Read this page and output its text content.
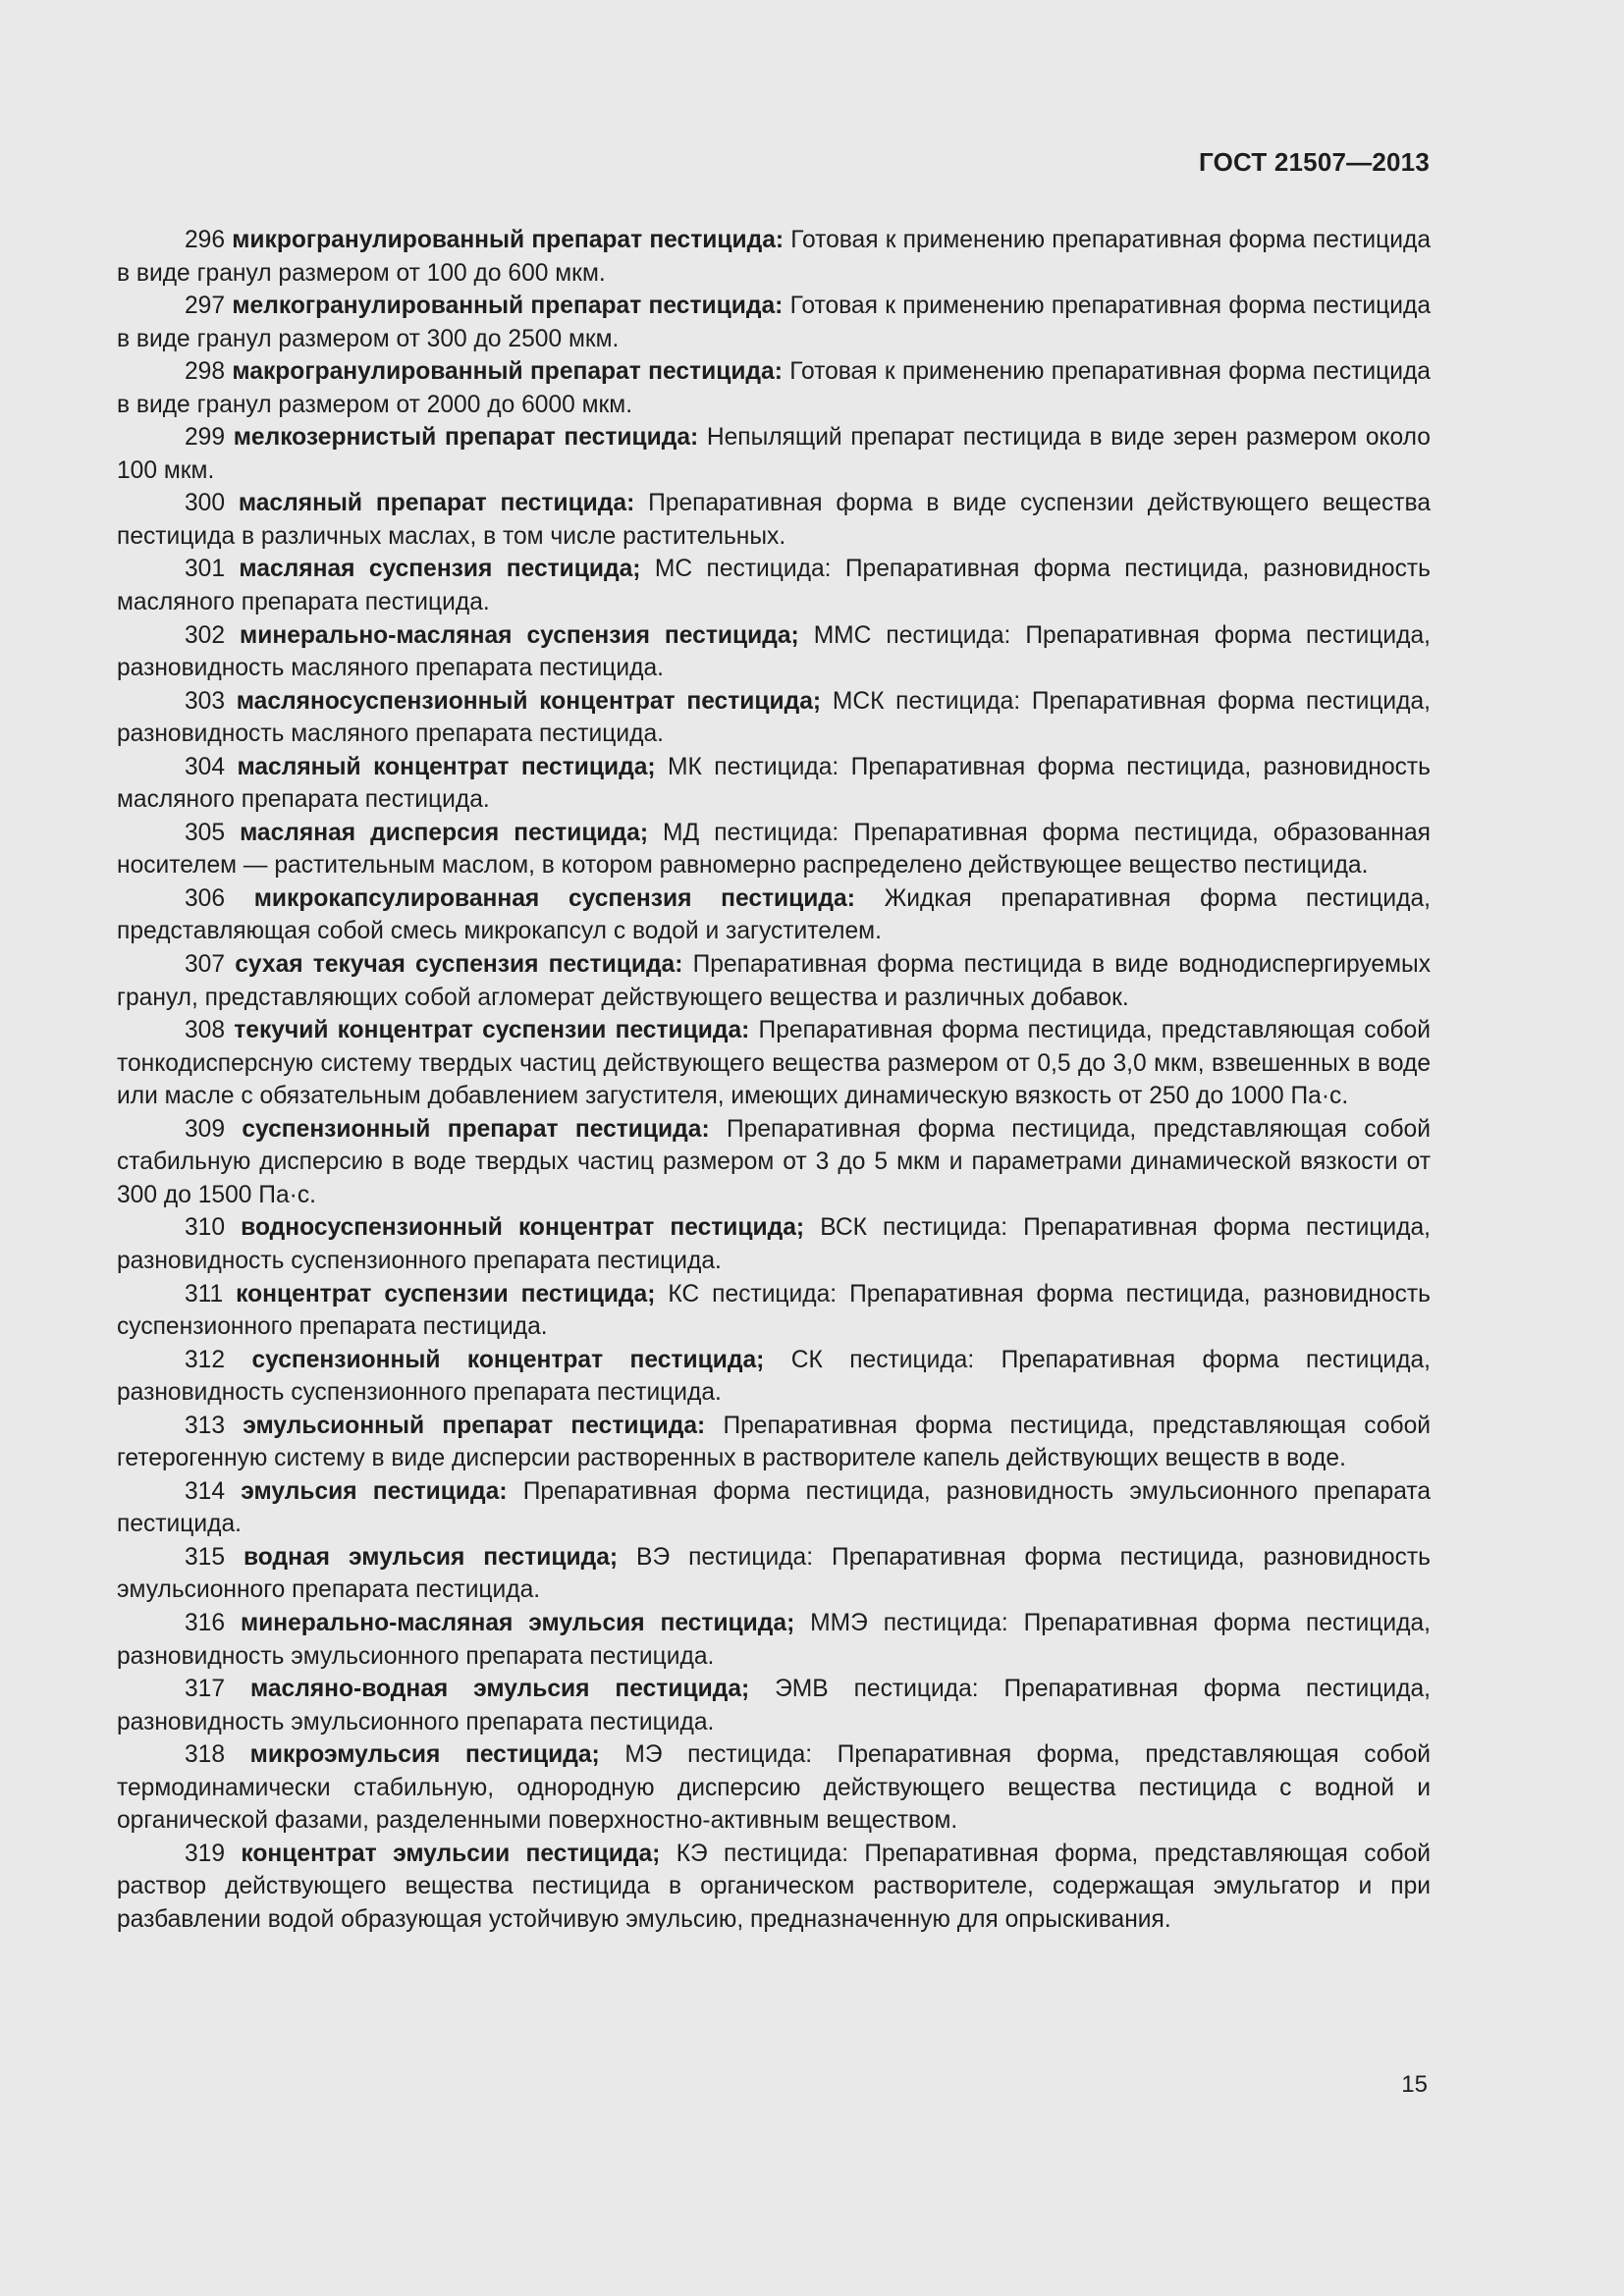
ГОСТ 21507—2013

296 микрогранулированный препарат пестицида: Готовая к применению препаративная форма пестицида в виде гранул размером от 100 до 600 мкм.

297 мелкогранулированный препарат пестицида: Готовая к применению препаративная форма пестицида в виде гранул размером от 300 до 2500 мкм.

298 макрогранулированный препарат пестицида: Готовая к применению препаративная форма пестицида в виде гранул размером от 2000 до 6000 мкм.

299 мелкозернистый препарат пестицида: Непылящий препарат пестицида в виде зерен размером около 100 мкм.

300 масляный препарат пестицида: Препаративная форма в виде суспензии действующего вещества пестицида в различных маслах, в том числе растительных.

301 масляная суспензия пестицида; МС пестицида: Препаративная форма пестицида, разновидность масляного препарата пестицида.

302 минерально-масляная суспензия пестицида; ММС пестицида: Препаративная форма пестицида, разновидность масляного препарата пестицида.

303 масляносуспензионный концентрат пестицида; МСК пестицида: Препаративная форма пестицида, разновидность масляного препарата пестицида.

304 масляный концентрат пестицида; МК пестицида: Препаративная форма пестицида, разновидность масляного препарата пестицида.

305 масляная дисперсия пестицида; МД пестицида: Препаративная форма пестицида, образованная носителем — растительным маслом, в котором равномерно распределено действующее вещество пестицида.

306 микрокапсулированная суспензия пестицида: Жидкая препаративная форма пестицида, представляющая собой смесь микрокапсул с водой и загустителем.

307 сухая текучая суспензия пестицида: Препаративная форма пестицида в виде воднодиспергируемых гранул, представляющих собой агломерат действующего вещества и различных добавок.

308 текучий концентрат суспензии пестицида: Препаративная форма пестицида, представляющая собой тонкодисперсную систему твердых частиц действующего вещества размером от 0,5 до 3,0 мкм, взвешенных в воде или масле с обязательным добавлением загустителя, имеющих динамическую вязкость от 250 до 1000 Па·с.

309 суспензионный препарат пестицида: Препаративная форма пестицида, представляющая собой стабильную дисперсию в воде твердых частиц размером от 3 до 5 мкм и параметрами динамической вязкости от 300 до 1500 Па·с.

310 водносуспензионный концентрат пестицида; ВСК пестицида: Препаративная форма пестицида, разновидность суспензионного препарата пестицида.

311 концентрат суспензии пестицида; КС пестицида: Препаративная форма пестицида, разновидность суспензионного препарата пестицида.

312 суспензионный концентрат пестицида; СК пестицида: Препаративная форма пестицида, разновидность суспензионного препарата пестицида.

313 эмульсионный препарат пестицида: Препаративная форма пестицида, представляющая собой гетерогенную систему в виде дисперсии растворенных в растворителе капель действующих веществ в воде.

314 эмульсия пестицида: Препаративная форма пестицида, разновидность эмульсионного препарата пестицида.

315 водная эмульсия пестицида; ВЭ пестицида: Препаративная форма пестицида, разновидность эмульсионного препарата пестицида.

316 минерально-масляная эмульсия пестицида; ММЭ пестицида: Препаративная форма пестицида, разновидность эмульсионного препарата пестицида.

317 масляно-водная эмульсия пестицида; ЭМВ пестицида: Препаративная форма пестицида, разновидность эмульсионного препарата пестицида.

318 микроэмульсия пестицида; МЭ пестицида: Препаративная форма, представляющая собой термодинамически стабильную, однородную дисперсию действующего вещества пестицида с водной и органической фазами, разделенными поверхностно-активным веществом.

319 концентрат эмульсии пестицида; КЭ пестицида: Препаративная форма, представляющая собой раствор действующего вещества пестицида в органическом растворителе, содержащая эмульгатор и при разбавлении водой образующая устойчивую эмульсию, предназначенную для опрыскивания.

15
